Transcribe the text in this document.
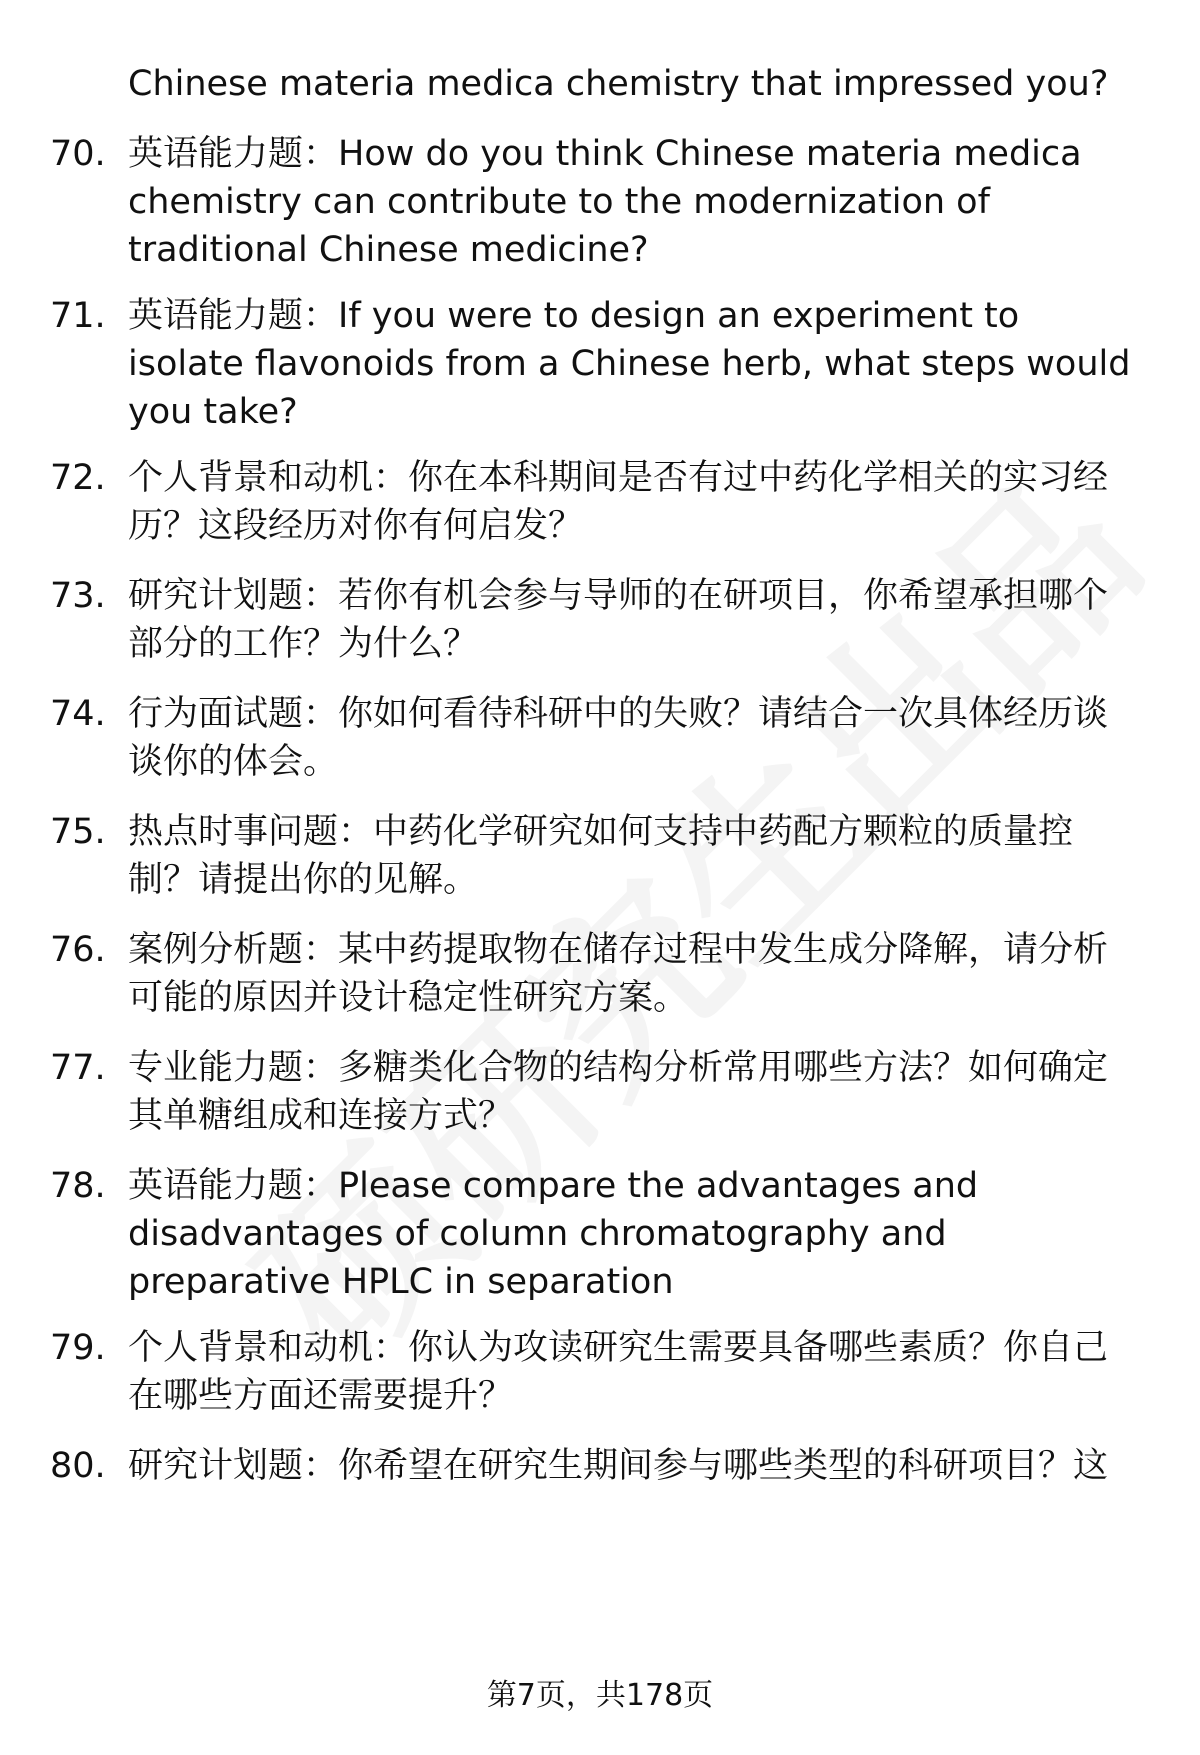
Chinese materia medica chemistry that impressed you?
70. 英语能力题：How do you think Chinese materia medica chemistry can contribute to the modernization of traditional Chinese medicine?
71. 英语能力题：If you were to design an experiment to isolate flavonoids from a Chinese herb, what steps would you take?
72. 个人背景和动机：你在本科期间是否有过中药化学相关的实习经历？这段经历对你有何启发？
73. 研究计划题：若你有机会参与导师的在研项目，你希望承担哪个部分的工作？为什么？
74. 行为面试题：你如何看待科研中的失败？请结合一次具体经历谈谈你的体会。
75. 热点时事问题：中药化学研究如何支持中药配方颗粒的质量控制？请提出你的见解。
76. 案例分析题：某中药提取物在储存过程中发生成分降解，请分析可能的原因并设计稳定性研究方案。
77. 专业能力题：多糖类化合物的结构分析常用哪些方法？如何确定其单糖组成和连接方式？
78. 英语能力题：Please compare the advantages and disadvantages of column chromatography and preparative HPLC in separation
79. 个人背景和动机：你认为攻读研究生需要具备哪些素质？你自己在哪些方面还需要提升？
80. 研究计划题：你希望在研究生期间参与哪些类型的科研项目？这
第7页，共178页
